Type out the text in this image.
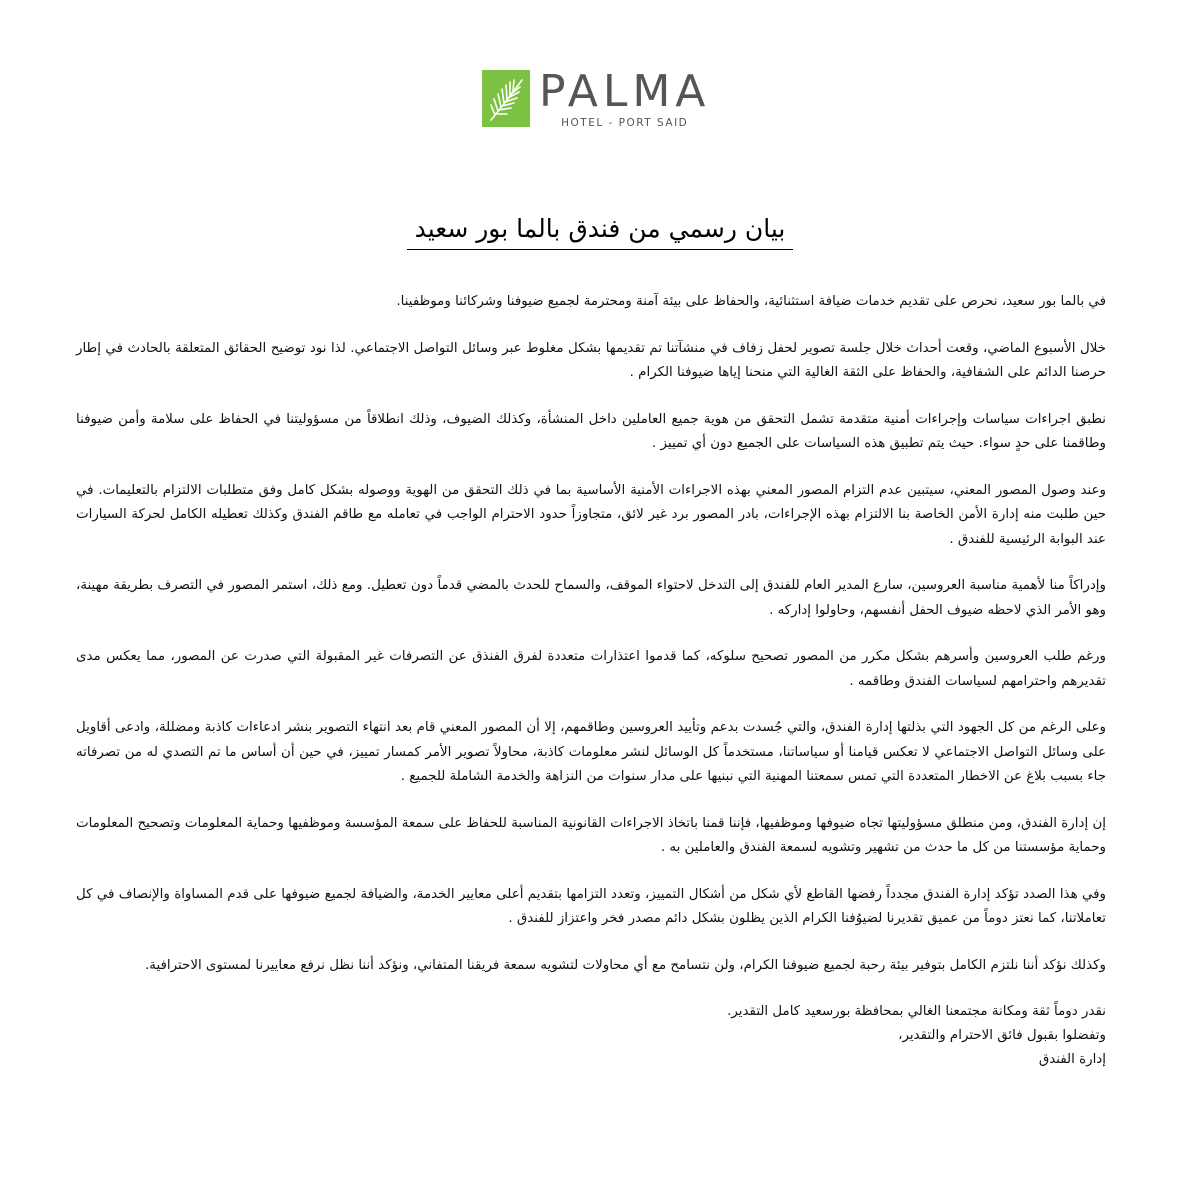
PALMA
HOTEL - PORT SAID
بيان رسمي من فندق بالما بور سعيد

في بالما بور سعيد، نحرص على تقديم خدمات ضيافة استثنائية، والحفاظ على بيئة آمنة ومحترمة لجميع ضيوفنا وشركائنا وموظفينا.

خلال الأسبوع الماضي، وقعت أحداث خلال جلسة تصوير لحفل زفاف في منشآتنا تم تقديمها بشكل مغلوط عبر وسائل التواصل الاجتماعي. لذا نود توضيح الحقائق المتعلقة بالحادث في إطار حرصنا الدائم على الشفافية، والحفاظ على الثقة الغالية التي منحنا إياها ضيوفنا الكرام .

نطبق اجراءات سياسات وإجراءات أمنية متقدمة تشمل التحقق من هوية جميع العاملين داخل المنشأة، وكذلك الضيوف، وذلك انطلاقاً من مسؤوليتنا في الحفاظ على سلامة وأمن ضيوفنا وطاقمنا على حدٍ سواء. حيث يتم تطبيق هذه السياسات على الجميع دون أي تمييز .

وعند وصول المصور المعني، سيتبين عدم التزام المصور المعني بهذه الاجراءات الأمنية الأساسية بما في ذلك التحقق من الهوية ووصوله بشكل كامل وفق متطلبات الالتزام بالتعليمات. في حين طلبت منه إدارة الأمن الخاصة بنا الالتزام بهذه الإجراءات، بادر المصور برد غير لائق، متجاوزاً حدود الاحترام الواجب في تعامله مع طاقم الفندق وكذلك تعطيله الكامل لحركة السيارات عند البوابة الرئيسية للفندق .

وإدراكاً منا لأهمية مناسبة العروسين، سارع المدير العام للفندق إلى التدخل لاحتواء الموقف، والسماح للحدث بالمضي قدماً دون تعطيل. ومع ذلك، استمر المصور في التصرف بطريقة مهينة، وهو الأمر الذي لاحظه ضيوف الحفل أنفسهم، وحاولوا إدارکه .

ورغم طلب العروسين وأسرهم بشكل مكرر من المصور تصحيح سلوكه، كما قدموا اعتذارات متعددة لفرق الفنذق عن التصرفات غير المقبولة التي صدرت عن المصور، مما يعكس مدى تقديرهم واحترامهم لسياسات الفندق وطاقمه .

وعلى الرغم من كل الجهود التي بذلتها إدارة الفندق، والتي جُسدت بدعم وتأييد العروسين وطاقمهم، إلا أن المصور المعني قام بعد انتهاء التصوير بنشر ادعاءات كاذبة ومضللة، وادعى أقاويل على وسائل التواصل الاجتماعي لا تعكس قيامنا أو سياساتنا، مستخدماً كل الوسائل لنشر معلومات كاذبة، محاولاً تصوير الأمر كمسار تمييز، في حين أن أساس ما تم التصدي له من تصرفاته جاء بسبب بلاغ عن الاخطار المتعددة التي تمس سمعتنا المهنية التي نبنيها على مدار سنوات من النزاهة والخدمة الشاملة للجميع .

إن إدارة الفندق، ومن منطلق مسؤوليتها تجاه ضيوفها وموظفيها، فإننا قمنا باتخاذ الاجراءات القانونية المناسبة للحفاظ على سمعة المؤسسة وموظفيها وحماية المعلومات وتصحيح المعلومات وحماية مؤسستنا من كل ما حدث من تشهير وتشويه لسمعة الفندق والعاملين به .

وفي هذا الصدد تؤكد إدارة الفندق مجدداً رفضها القاطع لأي شكل من أشكال التمييز، وتعدد التزامها بتقديم أعلى معايير الخدمة، والضيافة لجميع ضيوفها على قدم المساواة والإنصاف في كل تعاملاتنا، كما نعتز دوماً من عميق تقديرنا لضيوُفنا الكرام الذين يظلون بشكل دائم مصدر فخر واعتزاز للفندق .

وكذلك نؤكد أننا نلتزم الكامل بتوفير بيئة رحبة لجميع ضيوفنا الكرام، ولن نتسامح مع أي محاولات لتشويه سمعة فريقنا المتفاني، ونؤكد أننا نظل نرفع معاييرنا لمستوى الاحترافية.

نقدر دوماً ثقة ومكانة مجتمعنا الغالي بمحافظة بورسعيد كامل التقدير.

وتفضلوا بقبول فائق الاحترام والتقدير،

إدارة الفندق
